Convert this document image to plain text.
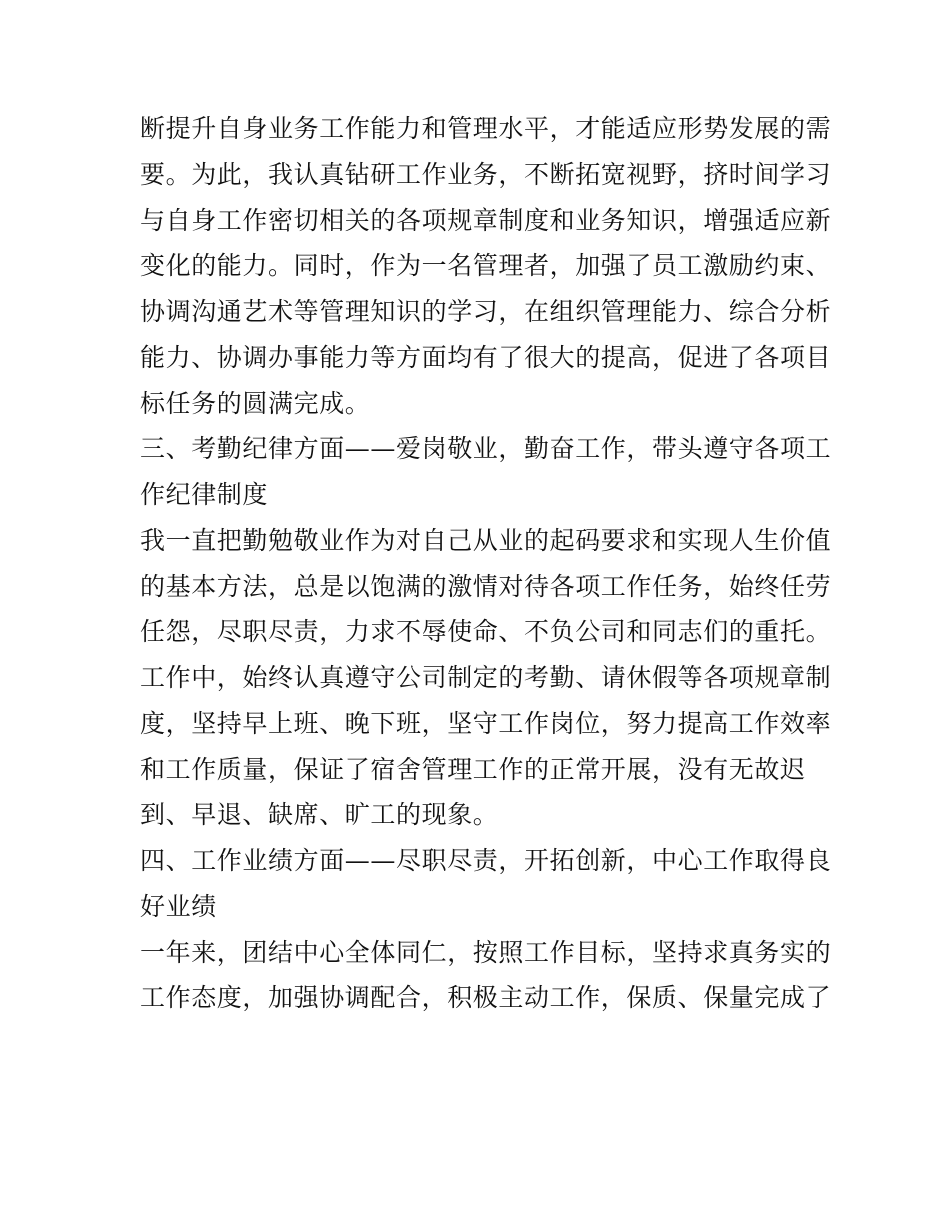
断提升自身业务工作能力和管理水平，才能适应形势发展的需
要。为此，我认真钻研工作业务，不断拓宽视野，挤时间学习
与自身工作密切相关的各项规章制度和业务知识，增强适应新
变化的能力。同时，作为一名管理者，加强了员工激励约束、
协调沟通艺术等管理知识的学习，在组织管理能力、综合分析
能力、协调办事能力等方面均有了很大的提高，促进了各项目
标任务的圆满完成。
三、考勤纪律方面——爱岗敬业，勤奋工作，带头遵守各项工
作纪律制度
我一直把勤勉敬业作为对自己从业的起码要求和实现人生价值
的基本方法，总是以饱满的激情对待各项工作任务，始终任劳
任怨，尽职尽责，力求不辱使命、不负公司和同志们的重托。
工作中，始终认真遵守公司制定的考勤、请休假等各项规章制
度，坚持早上班、晚下班，坚守工作岗位，努力提高工作效率
和工作质量，保证了宿舍管理工作的正常开展，没有无故迟
到、早退、缺席、旷工的现象。
四、工作业绩方面——尽职尽责，开拓创新，中心工作取得良
好业绩
一年来，团结中心全体同仁，按照工作目标，坚持求真务实的
工作态度，加强协调配合，积极主动工作，保质、保量完成了
